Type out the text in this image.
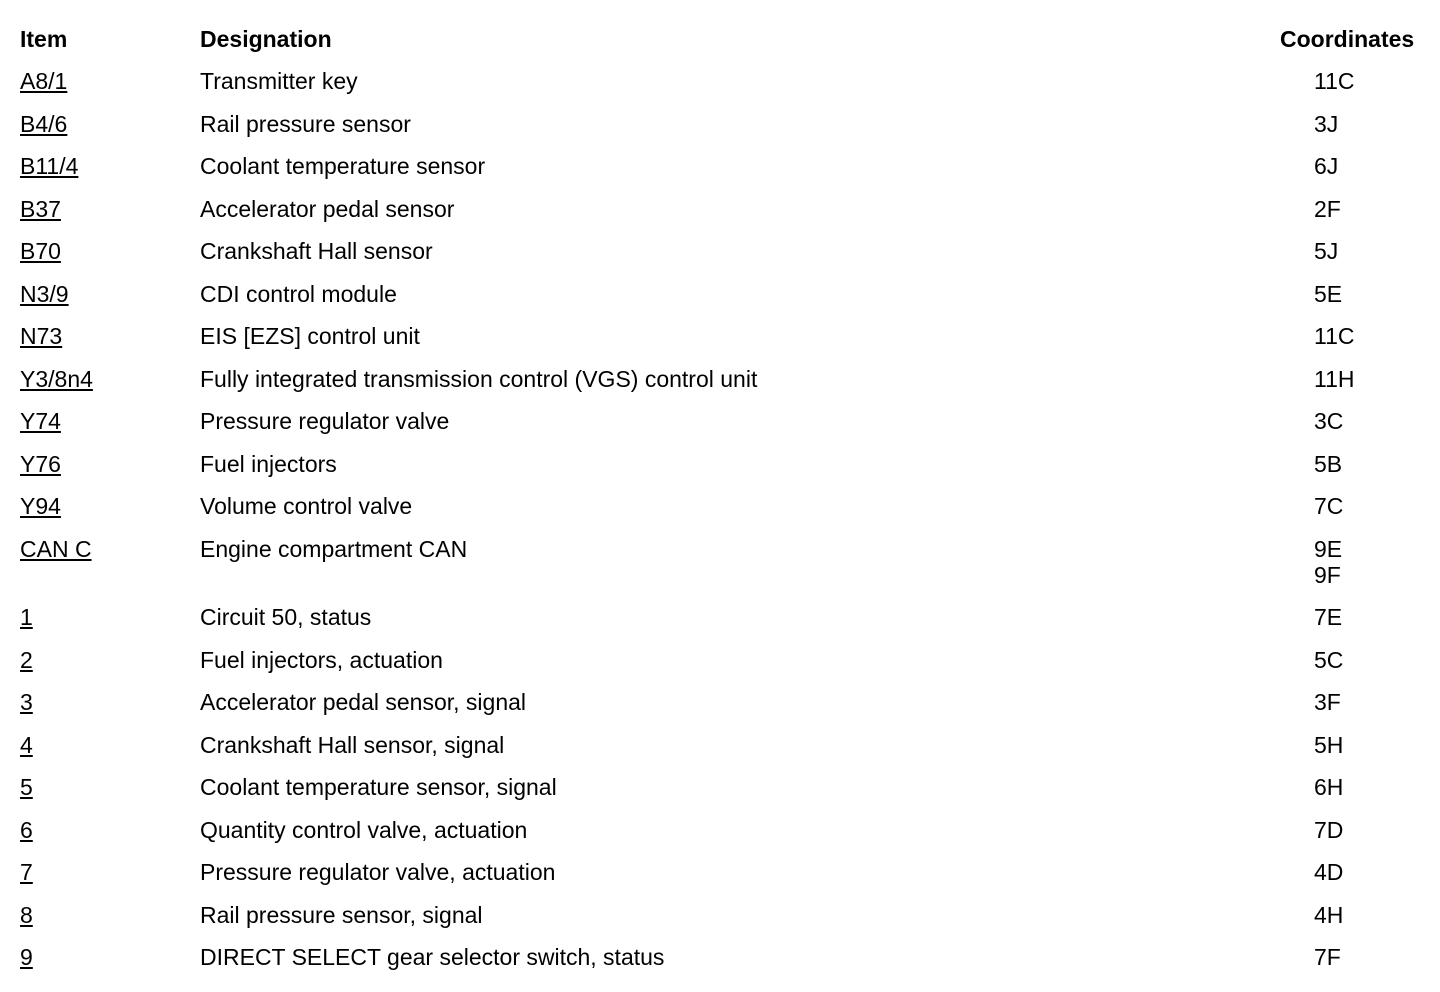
Item	Designation	Coordinates
A8/1	Transmitter key	11C

B4/6	Rail pressure sensor	3J

B11/4	Coolant temperature sensor	6J

B37	Accelerator pedal sensor	2F

B70	Crankshaft Hall sensor	5J

N3/9	CDI control module	5E

N73	EIS [EZS] control unit	11C

Y3/8n4	Fully integrated transmission control (VGS) control unit	11H

Y74	Pressure regulator valve	3C

Y76	Fuel injectors	5B

Y94	Volume control valve	7C

CAN C	Engine compartment CAN	9E
9F

1	Circuit 50, status	7E

2	Fuel injectors, actuation	5C

3	Accelerator pedal sensor, signal	3F

4	Crankshaft Hall sensor, signal	5H

5	Coolant temperature sensor, signal	6H

6	Quantity control valve, actuation	7D

7	Pressure regulator valve, actuation	4D

8	Rail pressure sensor, signal	4H

9	DIRECT SELECT gear selector switch, status	7F
